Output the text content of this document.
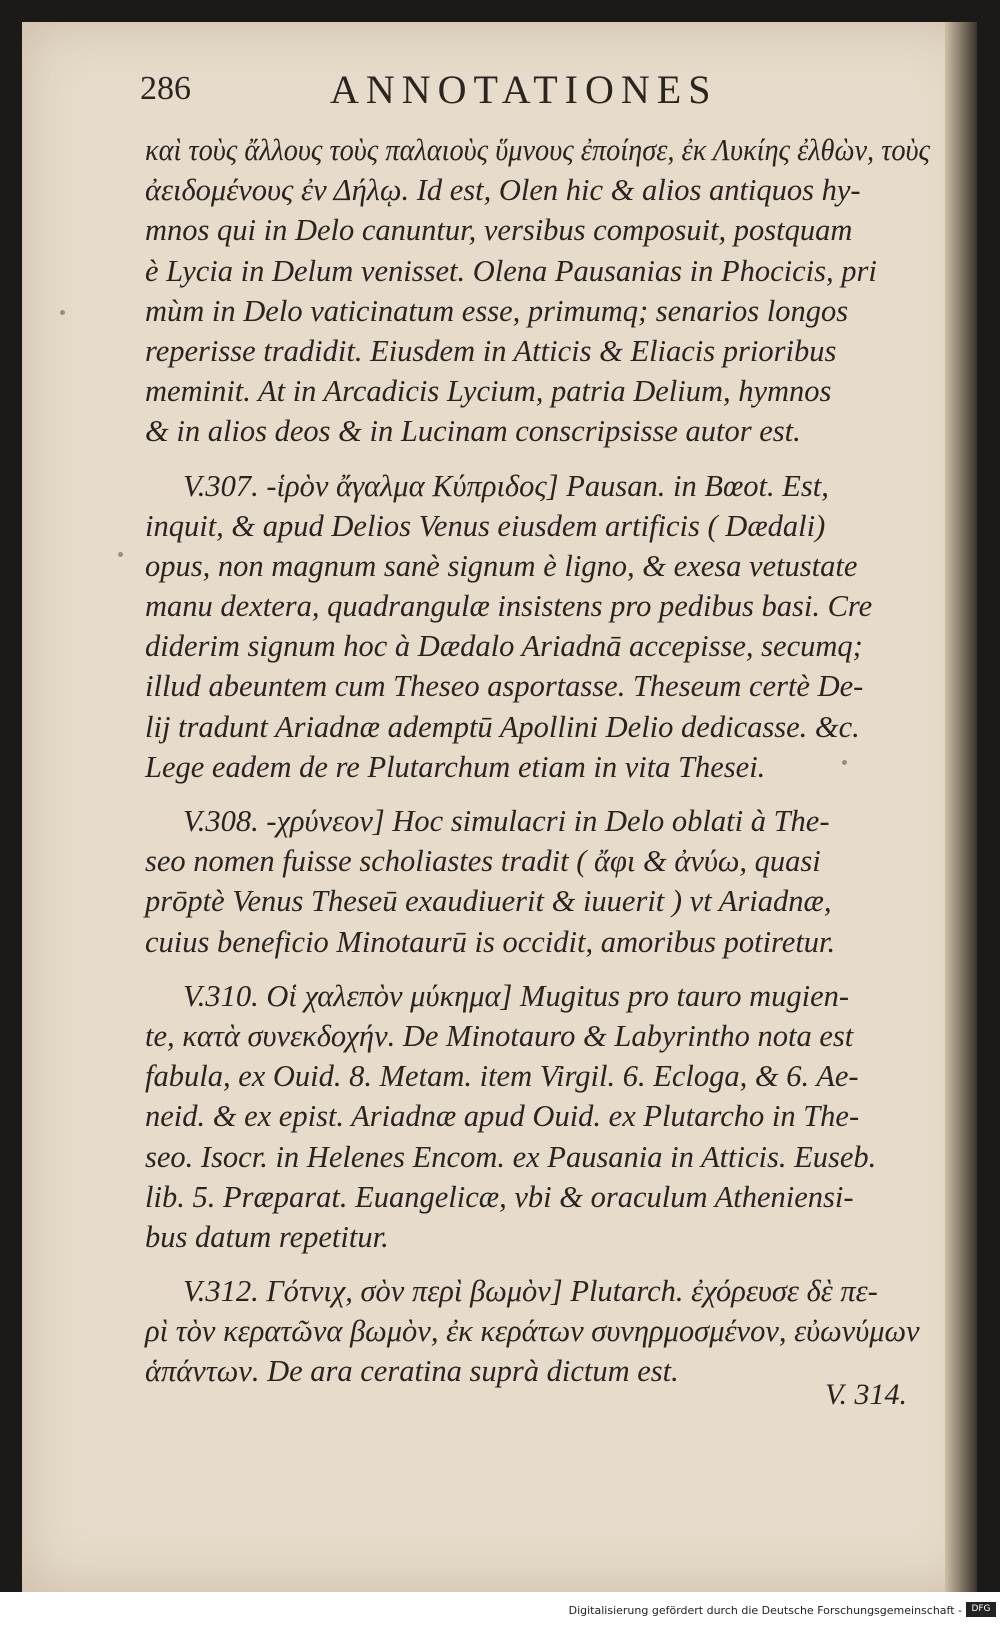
286	ANNOTATIONES
καὶ τοὺς ἄλλους τοὺς παλαιοὺς ὕμνους ἐποίησε, ἐκ Λυκίης ἐλθὼν, τοὺς
ἀειδομένους ἐν Δήλῳ. Id est, Olen hic & alios antiquos hy-
mnos qui in Delo canuntur, versibus composuit, postquam
è Lycia in Delum venisset. Olena Pausanias in Phocicis, pri
mùm in Delo vaticinatum esse, primumq; senarios longos
reperisse tradidit. Eiusdem in Atticis & Eliacis prioribus
meminit. At in Arcadicis Lycium, patria Delium, hymnos
& in alios deos & in Lucinam conscripsisse autor est.
V.307. -ἱρὸν ἄγαλμα Κύπριδος] Pausan. in Bœot. Est,
inquit, & apud Delios Venus eiusdem artificis ( Dædali)
opus, non magnum sanè signum è ligno, & exesa vetustate
manu dextera, quadrangulæ insistens pro pedibus basi. Cre
diderim signum hoc à Dædalo Ariadnā accepisse, secumq;
illud abeuntem cum Theseo asportasse. Theseum certè De-
lij tradunt Ariadnæ ademptū Apollini Delio dedicasse. &c.
Lege eadem de re Plutarchum etiam in vita Thesei.
V.308. -χρύνεον] Hoc simulacri in Delo oblati à The-
seo nomen fuisse scholiastes tradit ( ἄφι & ἀνύω, quasi
prōptè Venus Theseū exaudiuerit & iuuerit ) vt Ariadnæ,
cuius beneficio Minotaurū is occidit, amoribus potiretur.
V.310. Οἱ χαλεπὸν μύκημα] Mugitus pro tauro mugien-
te, κατὰ συνεκδοχήν. De Minotauro & Labyrintho nota est
fabula, ex Ouid. 8. Metam. item Virgil. 6. Ecloga, & 6. Ae-
neid. & ex epist. Ariadnæ apud Ouid. ex Plutarcho in The-
seo. Isocr. in Helenes Encom. ex Pausania in Atticis. Euseb.
lib. 5. Præparat. Euangelicæ, vbi & oraculum Atheniensi-
bus datum repetitur.
V.312. Γότνιχ, σὸν περὶ βωμὸν] Plutarch. ἐχόρευσε δὲ πε-
ρὶ τὸν κερατῶνα βωμὸν, ἐκ κεράτων συνηρμοσμένον, εὐωνύμων
ἁπάντων. De ara ceratina suprà dictum est.
V. 314.
Digitalisierung gefördert durch die Deutsche Forschungsgemeinschaft -	DFG
